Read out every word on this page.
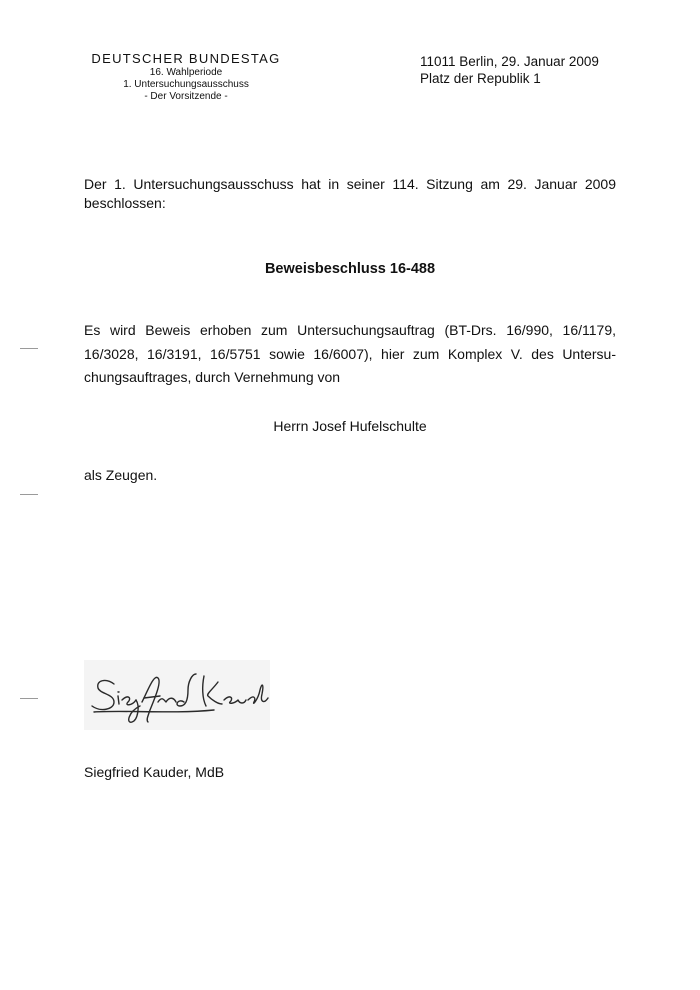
DEUTSCHER BUNDESTAG
16. Wahlperiode
1. Untersuchungsausschuss
- Der Vorsitzende -
11011 Berlin, 29. Januar 2009
Platz der Republik 1
Der 1. Untersuchungsausschuss hat in seiner 114. Sitzung am 29. Januar 2009
beschlossen:
Beweisbeschluss 16-488
Es wird Beweis erhoben zum Untersuchungsauftrag (BT-Drs. 16/990, 16/1179,
16/3028, 16/3191, 16/5751 sowie 16/6007), hier zum Komplex V. des Untersu-
chungsauftrages, durch Vernehmung von
Herrn Josef Hufelschulte
als Zeugen.
Siegfried Kauder, MdB
